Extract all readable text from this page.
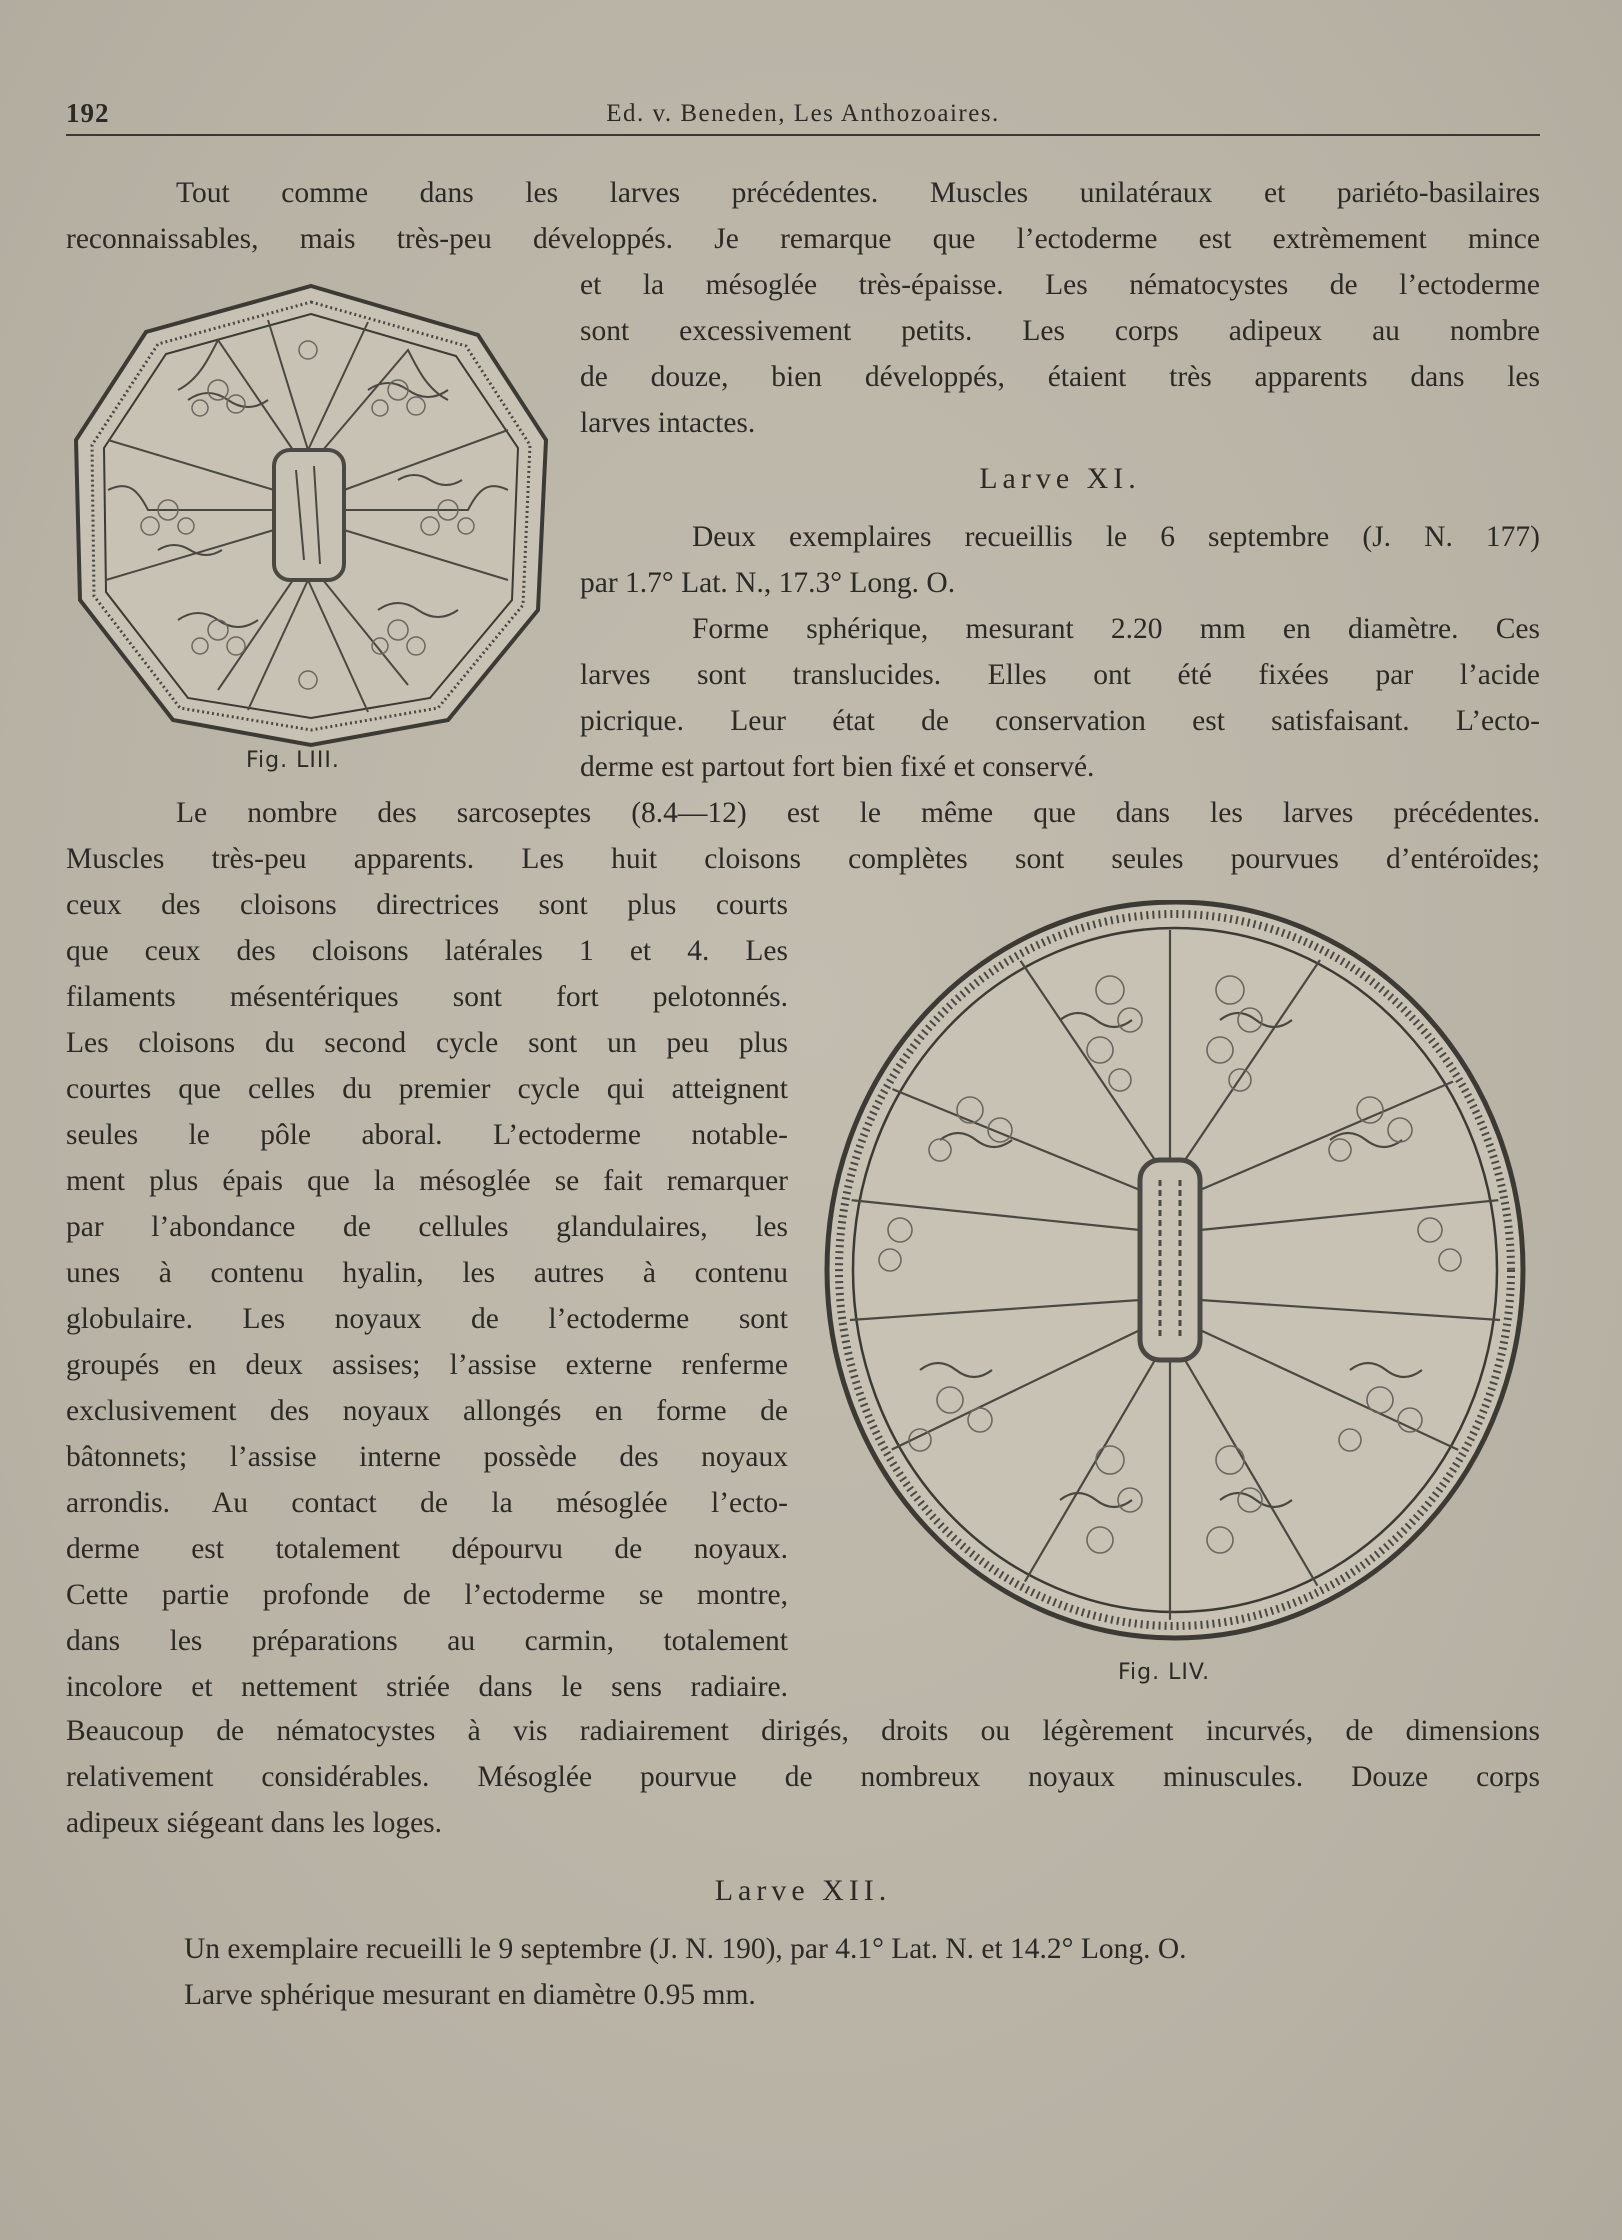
192	Ed. v. Beneden, Les Anthozoaires.
Tout comme dans les larves précédentes. Muscles unilatéraux et pariéto-basilaires
reconnaissables, mais très-peu développés. Je remarque que l’ectoderme est extrèmement mince
et la mésoglée très-épaisse. Les nématocystes de l’ectoderme
sont excessivement petits. Les corps adipeux au nombre
de douze, bien développés, étaient très apparents dans les
larves intactes.
Larve XI.
Deux exemplaires recueillis le 6 septembre (J. N. 177)
par 1.7° Lat. N., 17.3° Long. O.
Forme sphérique, mesurant 2.20 mm en diamètre. Ces
larves sont translucides. Elles ont été fixées par l’acide
picrique. Leur état de conservation est satisfaisant. L’ecto-
derme est partout fort bien fixé et conservé.
Fig. LIII.
Le nombre des sarcoseptes (8.4—12) est le même que dans les larves précédentes.
Muscles très-peu apparents. Les huit cloisons complètes sont seules pourvues d’entéroïdes;
ceux des cloisons directrices sont plus courts
que ceux des cloisons latérales 1 et 4. Les
filaments mésentériques sont fort pelotonnés.
Les cloisons du second cycle sont un peu plus
courtes que celles du premier cycle qui atteignent
seules le pôle aboral. L’ectoderme notable-
ment plus épais que la mésoglée se fait remarquer
par l’abondance de cellules glandulaires, les
unes à contenu hyalin, les autres à contenu
globulaire. Les noyaux de l’ectoderme sont
groupés en deux assises; l’assise externe renferme
exclusivement des noyaux allongés en forme de
bâtonnets; l’assise interne possède des noyaux
arrondis. Au contact de la mésoglée l’ecto-
derme est totalement dépourvu de noyaux.
Cette partie profonde de l’ectoderme se montre,
dans les préparations au carmin, totalement
incolore et nettement striée dans le sens radiaire.	Fig. LIV.
Beaucoup de nématocystes à vis radiairement dirigés, droits ou légèrement incurvés, de dimensions
relativement considérables. Mésoglée pourvue de nombreux noyaux minuscules. Douze corps
adipeux siégeant dans les loges.
Larve XII.
Un exemplaire recueilli le 9 septembre (J. N. 190), par 4.1° Lat. N. et 14.2° Long. O.
Larve sphérique mesurant en diamètre 0.95 mm.
